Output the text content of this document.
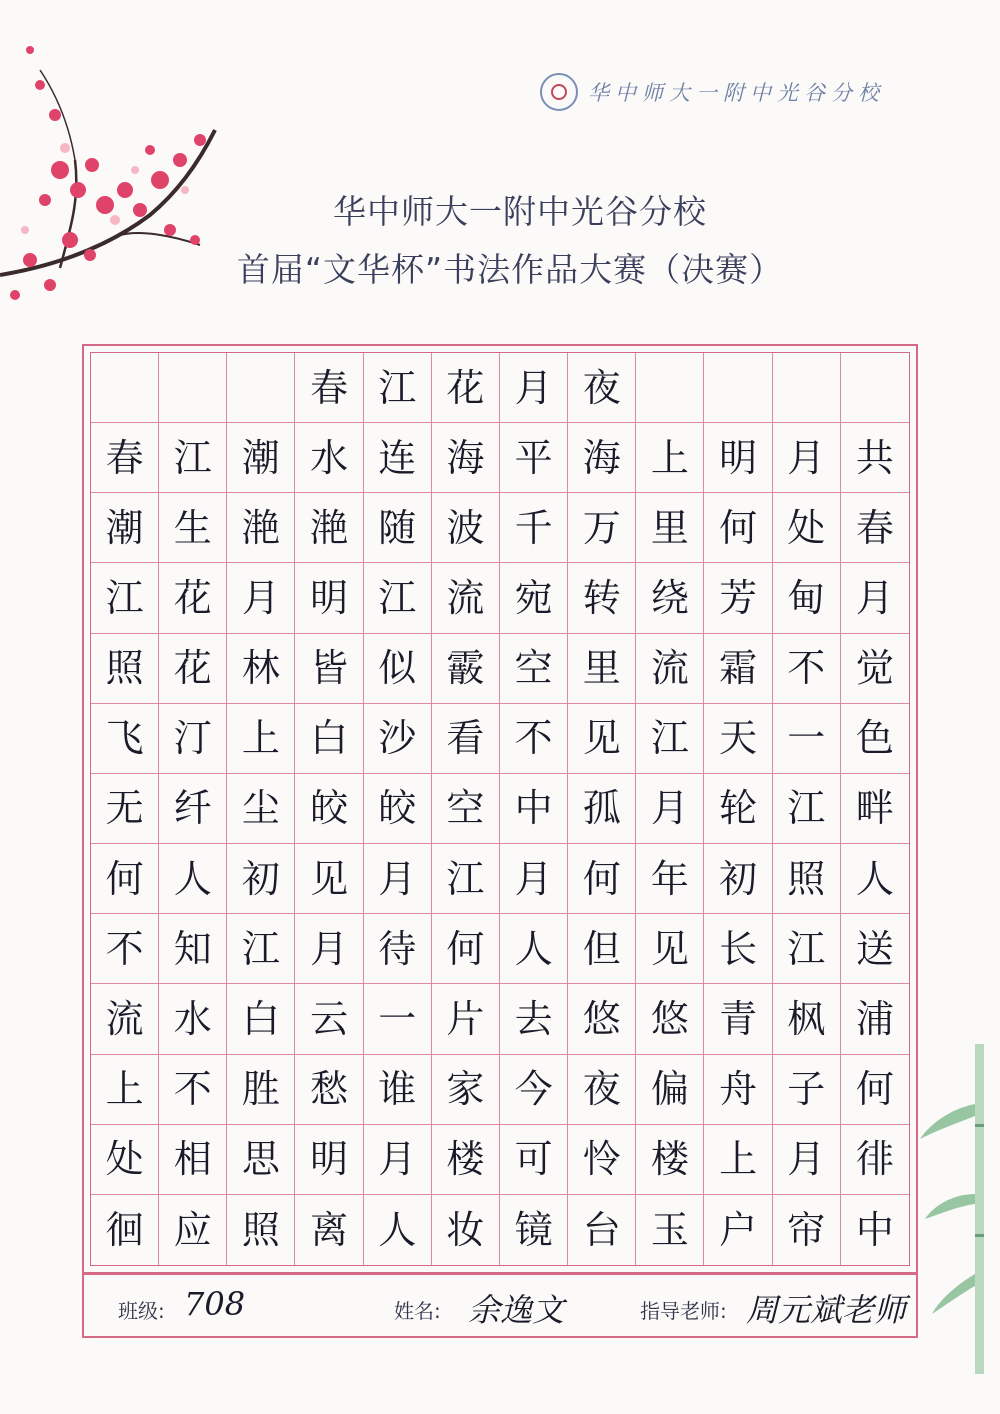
华中师大一附中光谷分校
华中师大一附中光谷分校
首届“文华杯”书法作品大赛（决赛）
春 江 花 月 夜
春 江 潮 水 连 海 平 海 上 明 月 共
潮 生 滟 滟 随 波 千 万 里 何 处 春
江 花 月 明 江 流 宛 转 绕 芳 甸 月
照 花 林 皆 似 霰 空 里 流 霜 不 觉
飞 汀 上 白 沙 看 不 见 江 天 一 色
无 纤 尘 皎 皎 空 中 孤 月 轮 江 畔
何 人 初 见 月 江 月 何 年 初 照 人
不 知 江 月 待 何 人 但 见 长 江 送
流 水 白 云 一 片 去 悠 悠 青 枫 浦
上 不 胜 愁 谁 家 今 夜 偏 舟 子 何
处 相 思 明 月 楼 可 怜 楼 上 月 徘
徊 应 照 离 人 妆 镜 台 玉 户 帘 中
班级: 708	姓名: 余逸文	指导老师: 周元斌老师
